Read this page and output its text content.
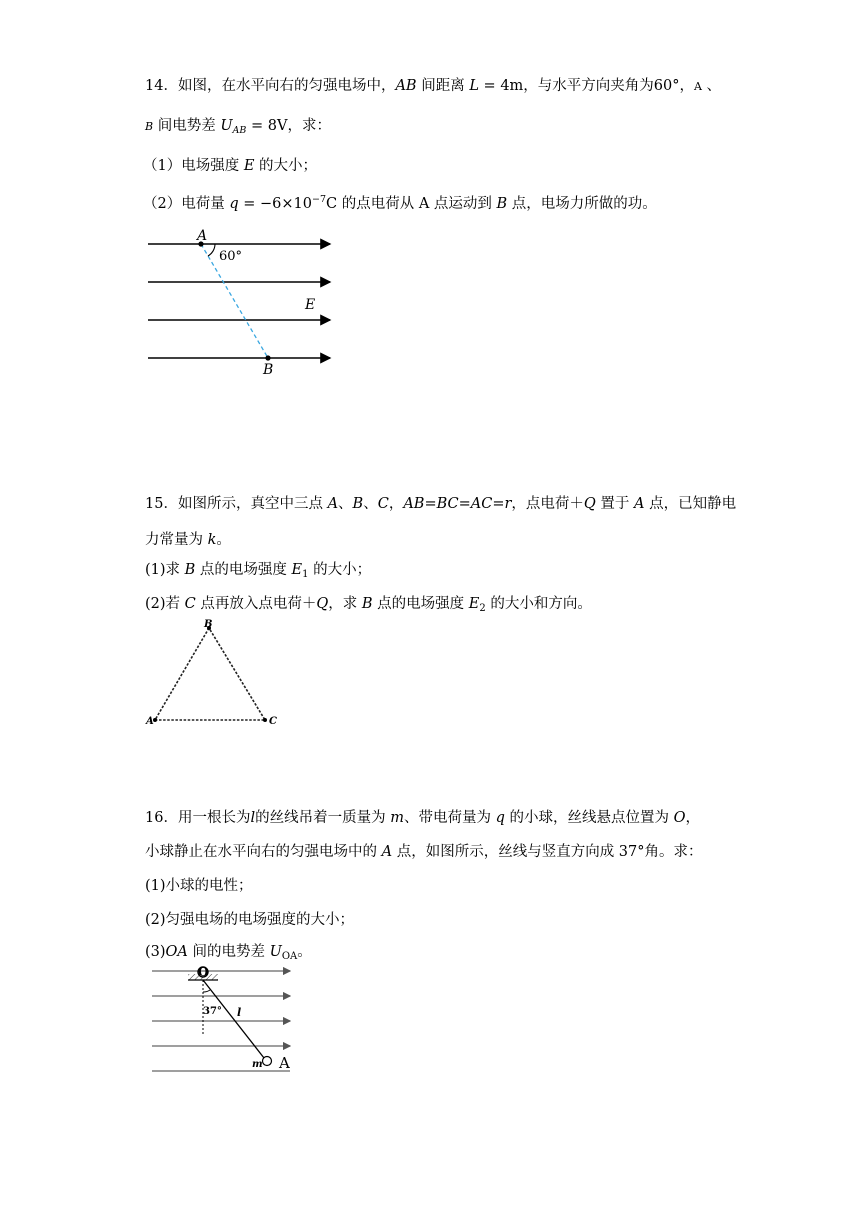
14．如图，在水平向右的匀强电场中，AB 间距离 L = 4m，与水平方向夹角为60°，A 、
B 间电势差 $U_{AB} = 8V$，求：
（1）电场强度 E 的大小；
（2）电荷量 $q = -6\times 10^{-7}C$ 的点电荷从 A 点运动到 B 点，电场力所做的功。
A
60°
E
B
15．如图所示，真空中三点 A、B、C，AB=BC=AC=r，点电荷＋Q 置于 A 点，已知静电
力常量为 k。
(1)求 B 点的电场强度 $E_1$ 的大小；
(2)若 C 点再放入点电荷＋Q，求 B 点的电场强度 $E_2$ 的大小和方向。
B
A	C
16．用一根长为l的丝线吊着一质量为 m、带电荷量为 q 的小球，丝线悬点位置为 O，
小球静止在水平向右的匀强电场中的 A 点，如图所示，丝线与竖直方向成 37°角。求：
(1)小球的电性；
(2)匀强电场的电场强度的大小；
(3)OA 间的电势差 $U_{OA}$。
O
37° l
m A
